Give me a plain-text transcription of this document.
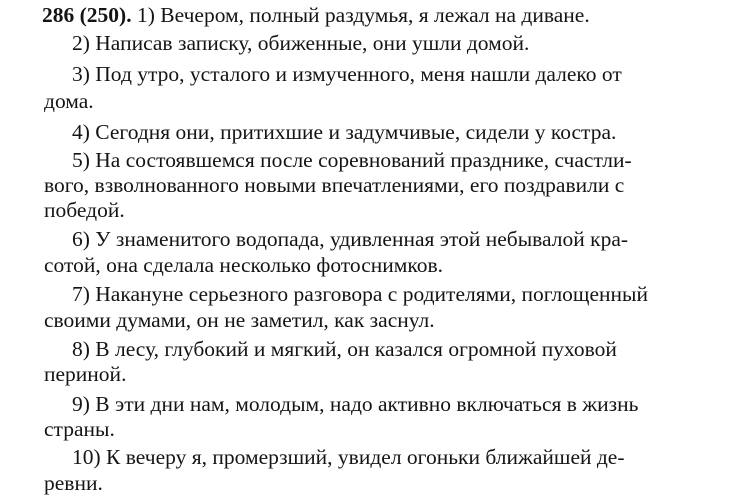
286 (250). 1) Вечером, полный раздумья, я лежал на диване.
2) Написав записку, обиженные, они ушли домой.
3) Под утро, усталого и измученного, меня нашли далеко от
дома.
4) Сегодня они, притихшие и задумчивые, сидели у костра.
5) На состоявшемся после соревнований празднике, счастли-
вого, взволнованного новыми впечатлениями, его поздравили с
победой.
6) У знаменитого водопада, удивленная этой небывалой кра-
сотой, она сделала несколько фотоснимков.
7) Накануне серьезного разговора с родителями, поглощенный
своими думами, он не заметил, как заснул.
8) В лесу, глубокий и мягкий, он казался огромной пуховой
периной.
9) В эти дни нам, молодым, надо активно включаться в жизнь
страны.
10) К вечеру я, промерзший, увидел огоньки ближайшей де-
ревни.
